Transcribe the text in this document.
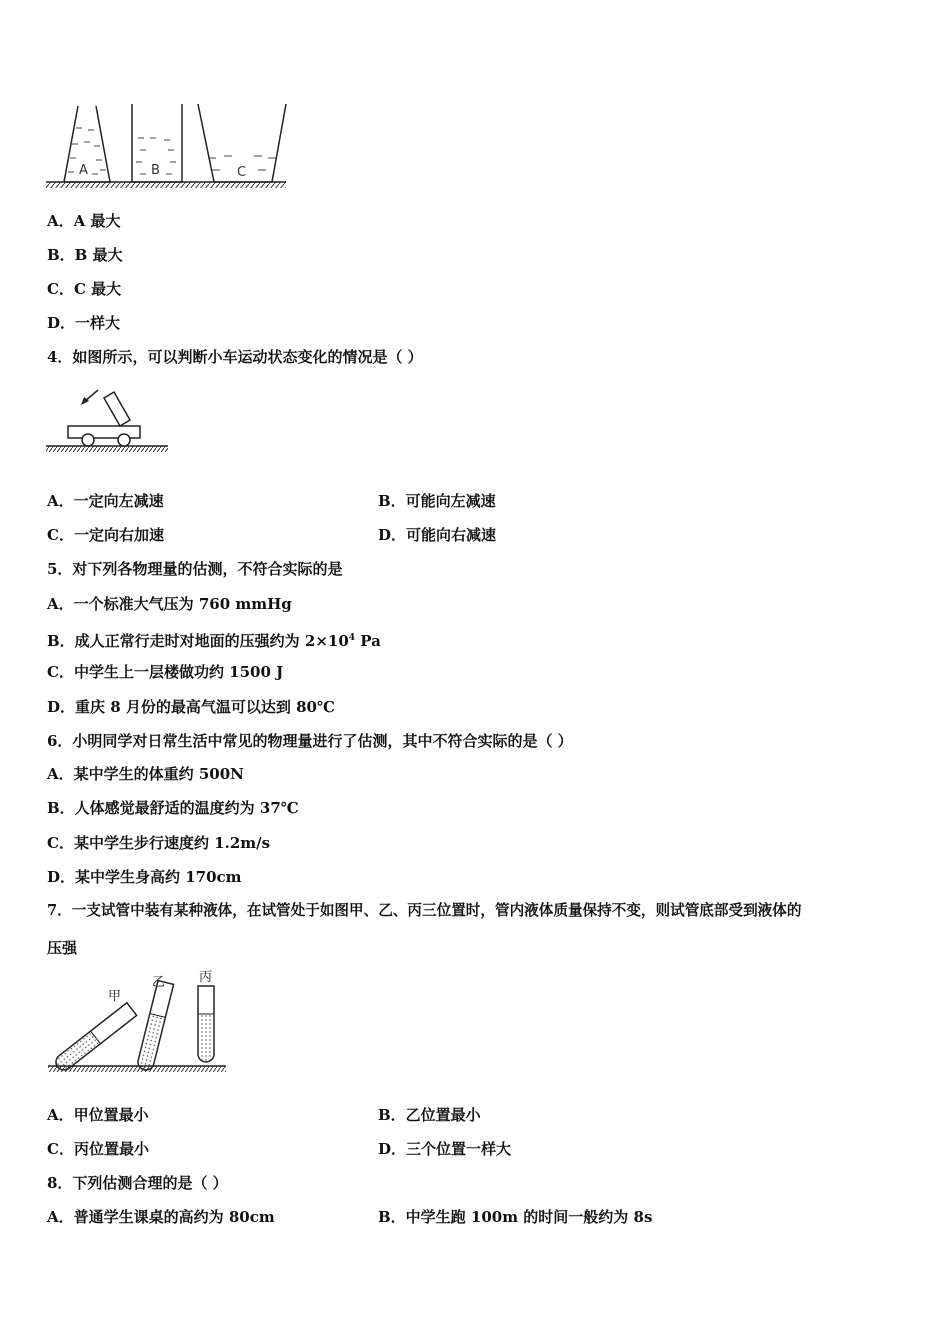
A	B	C
A．A 最大
B．B 最大
C．C 最大
D．一样大
4．如图所示，可以判断小车运动状态变化的情况是（ ）
A．一定向左减速	B．可能向左减速
C．一定向右加速	D．可能向右减速
5．对下列各物理量的估测，不符合实际的是
A．一个标准大气压为 760 mmHg
B．成人正常行走时对地面的压强约为 $2\times 10^4$ Pa
C．中学生上一层楼做功约 1500 J
D．重庆 8 月份的最高气温可以达到 80℃
6．小明同学对日常生活中常见的物理量进行了估测，其中不符合实际的是（ ）
A．某中学生的体重约 500N
B．人体感觉最舒适的温度约为 37℃
C．某中学生步行速度约 1.2m/s
D．某中学生身高约 170cm
7．一支试管中装有某种液体，在试管处于如图甲、乙、丙三位置时，管内液体质量保持不变，则试管底部受到液体的
压强
甲
乙	丙
A．甲位置最小	B．乙位置最小
C．丙位置最小	D．三个位置一样大
8．下列估测合理的是（ ）
A．普通学生课桌的高约为 80cm	B．中学生跑 100m 的时间一般约为 8s
